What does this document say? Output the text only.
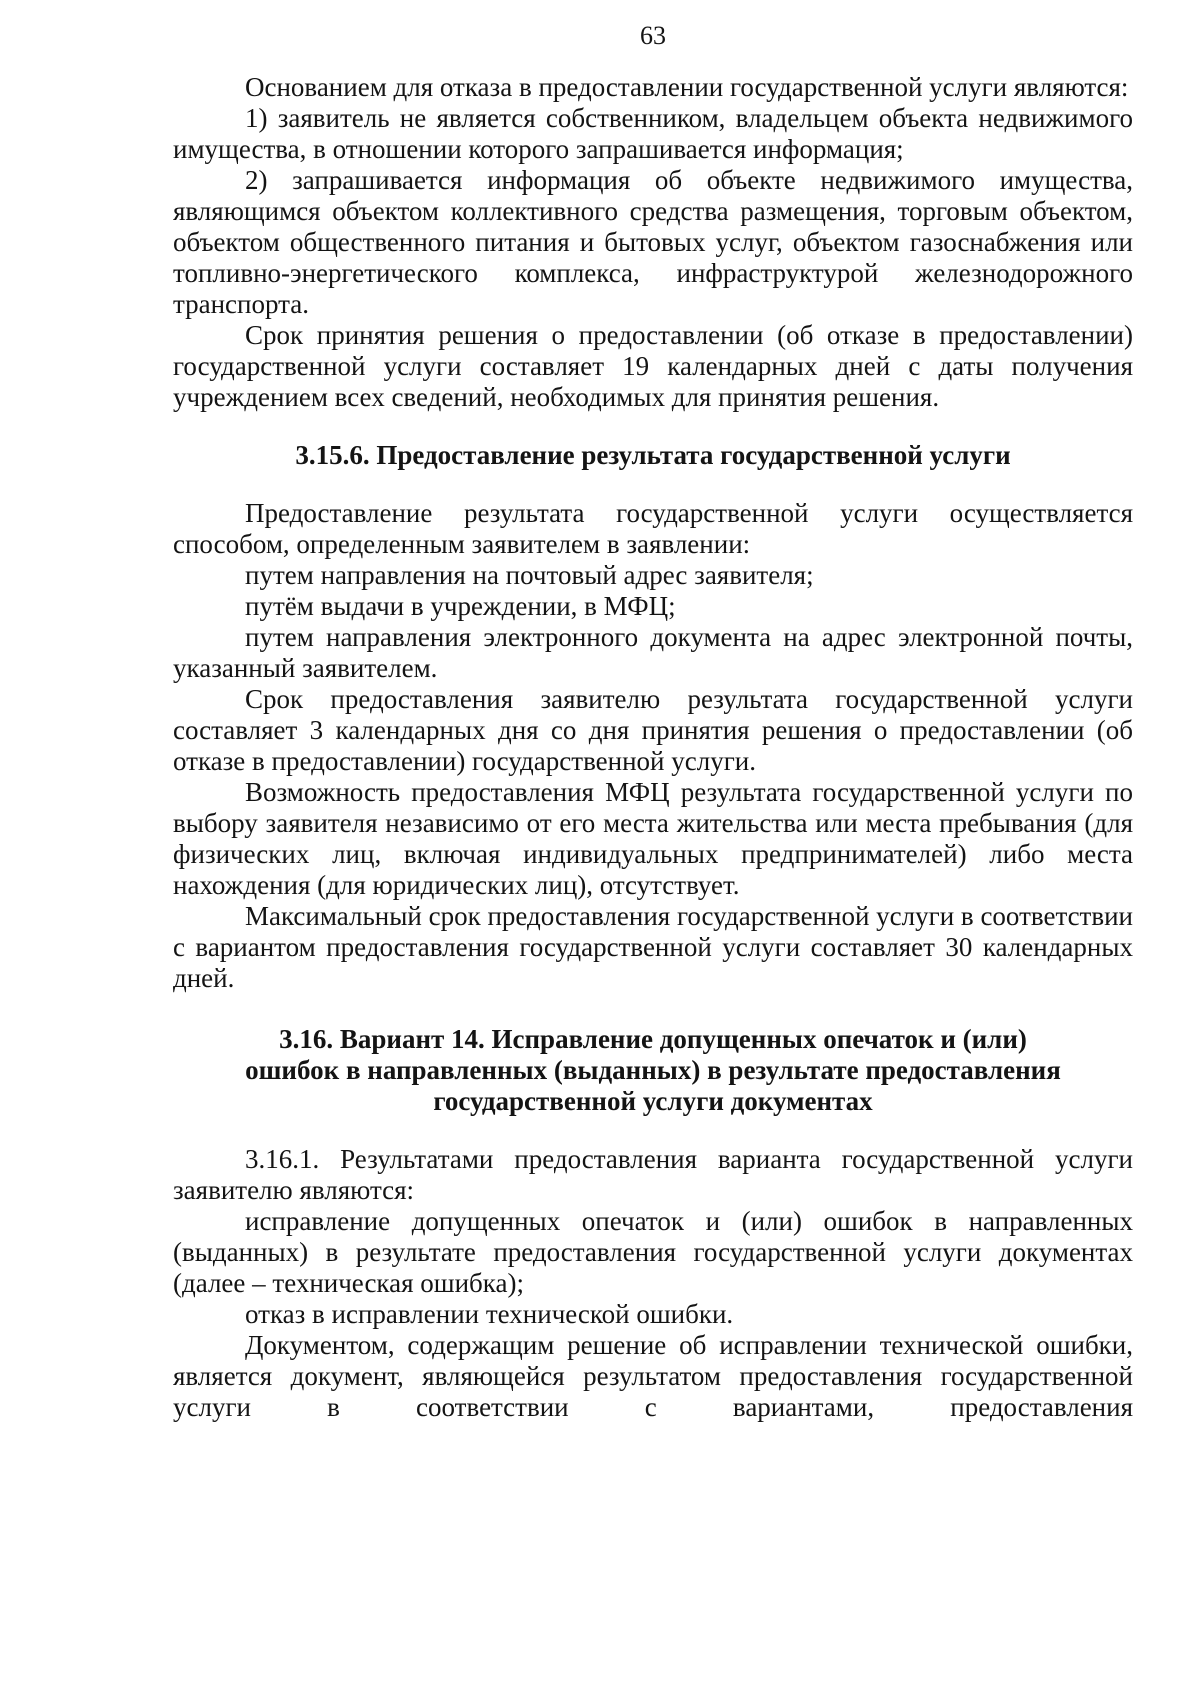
63

Основанием для отказа в предоставлении государственной услуги являются:

1) заявитель не является собственником, владельцем объекта недвижимого имущества, в отношении которого запрашивается информация;

2) запрашивается информация об объекте недвижимого имущества, являющимся объектом коллективного средства размещения, торговым объектом, объектом общественного питания и бытовых услуг, объектом газоснабжения или топливно-энергетического комплекса, инфраструктурой железнодорожного транспорта.

Срок принятия решения о предоставлении (об отказе в предоставлении) государственной услуги составляет 19 календарных дней с даты получения учреждением всех сведений, необходимых для принятия решения.

3.15.6. Предоставление результата государственной услуги

Предоставление результата государственной услуги осуществляется способом, определенным заявителем в заявлении:

путем направления на почтовый адрес заявителя;

путём выдачи в учреждении, в МФЦ;

путем направления электронного документа на адрес электронной почты, указанный заявителем.

Срок предоставления заявителю результата государственной услуги составляет 3 календарных дня со дня принятия решения о предоставлении (об отказе в предоставлении) государственной услуги.

Возможность предоставления МФЦ результата государственной услуги по выбору заявителя независимо от его места жительства или места пребывания (для физических лиц, включая индивидуальных предпринимателей) либо места нахождения (для юридических лиц), отсутствует.

Максимальный срок предоставления государственной услуги в соответствии с вариантом предоставления государственной услуги составляет 30 календарных дней.

3.16. Вариант 14. Исправление допущенных опечаток и (или)
ошибок в направленных (выданных) в результате предоставления
государственной услуги документах

3.16.1. Результатами предоставления варианта государственной услуги заявителю являются:

исправление допущенных опечаток и (или) ошибок в направленных (выданных) в результате предоставления государственной услуги документах (далее – техническая ошибка);

отказ в исправлении технической ошибки.

Документом, содержащим решение об исправлении технической ошибки, является документ, являющейся результатом предоставления государственной услуги в соответствии с вариантами, предоставления
